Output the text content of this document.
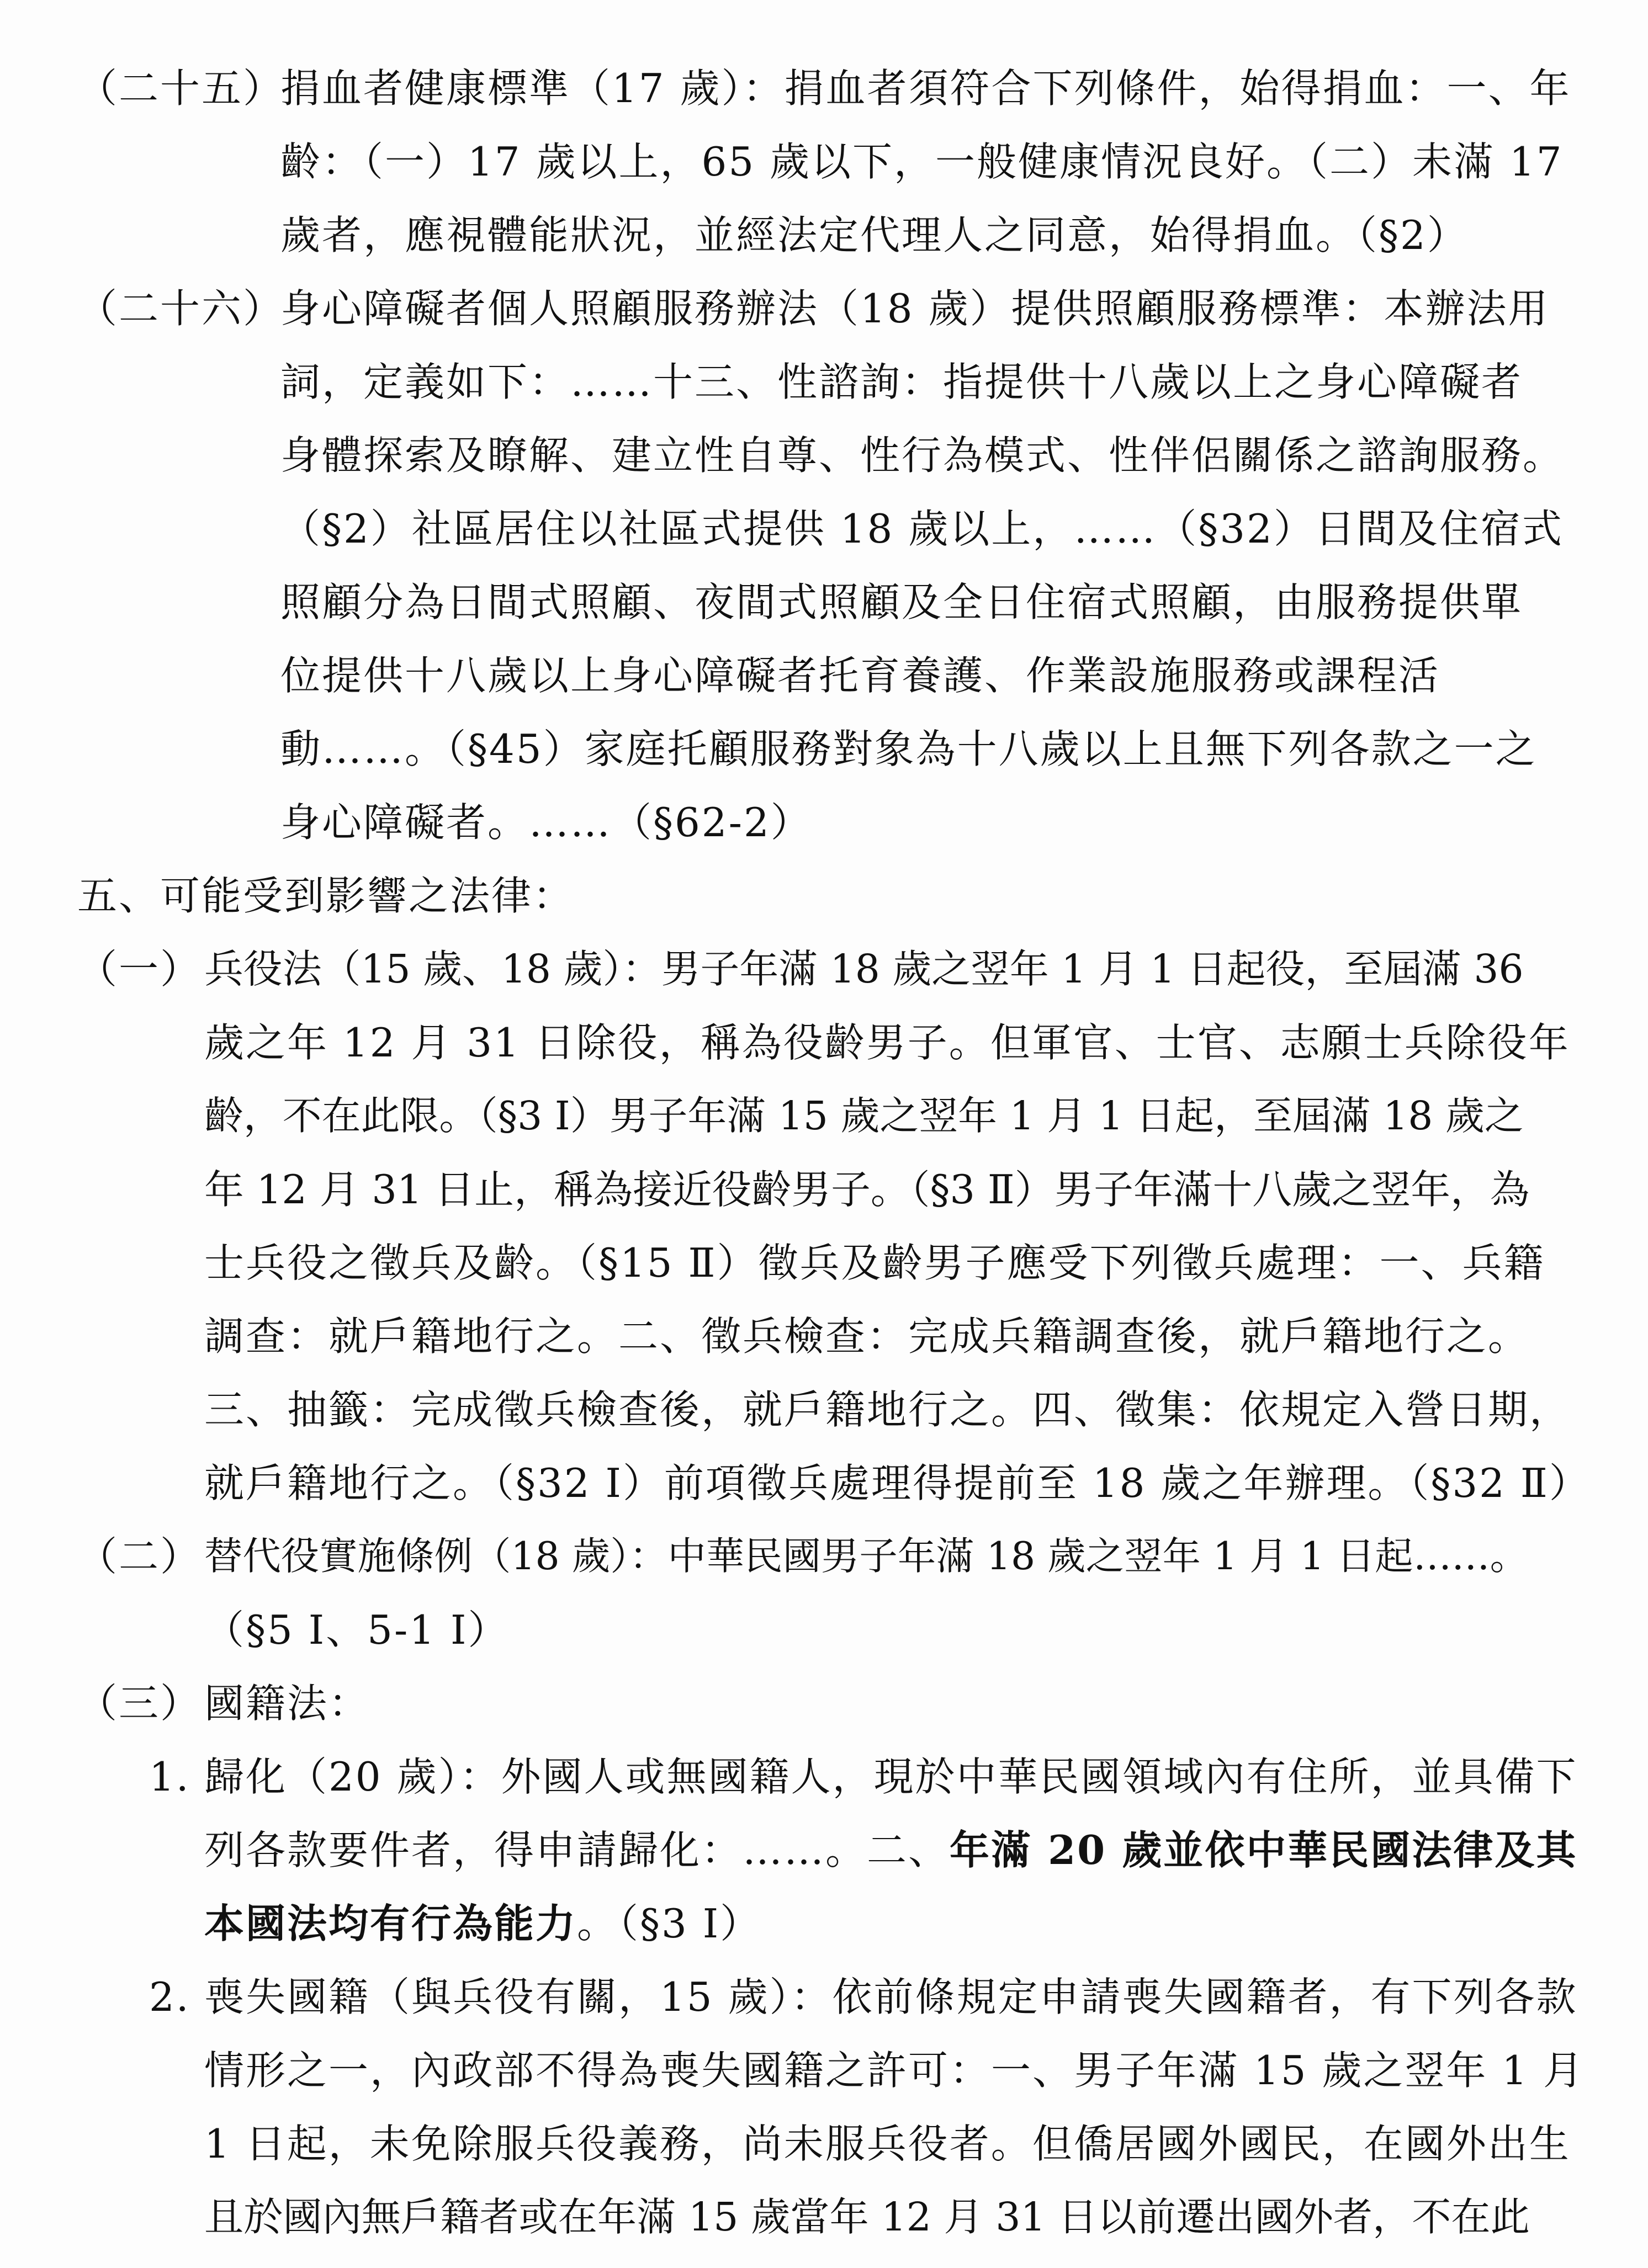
（二十五）
捐血者健康標準（17 歲）：捐血者須符合下列條件，始得捐血：一、年
齡：（一）17 歲以上，65 歲以下，一般健康情況良好。（二）未滿 17
歲者，應視體能狀況，並經法定代理人之同意，始得捐血。（§2）
（二十六）
身心障礙者個人照顧服務辦法（18 歲）提供照顧服務標準：本辦法用
詞，定義如下：……十三、性諮詢：指提供十八歲以上之身心障礙者
身體探索及瞭解、建立性自尊、性行為模式、性伴侶關係之諮詢服務。
（§2）社區居住以社區式提供 18 歲以上，……（§32）日間及住宿式
照顧分為日間式照顧、夜間式照顧及全日住宿式照顧，由服務提供單
位提供十八歲以上身心障礙者托育養護、作業設施服務或課程活
動……。（§45）家庭托顧服務對象為十八歲以上且無下列各款之一之
身心障礙者。……（§62-2）
五、可能受到影響之法律：
（一） 兵役法（15 歲、18 歲）：男子年滿 18 歲之翌年 1 月 1 日起役，至屆滿 36
歲之年 12 月 31 日除役，稱為役齡男子。但軍官、士官、志願士兵除役年
齡，不在此限。（§3 Ⅰ）男子年滿 15 歲之翌年 1 月 1 日起，至屆滿 18 歲之
年 12 月 31 日止，稱為接近役齡男子。（§3 Ⅱ）男子年滿十八歲之翌年，為
士兵役之徵兵及齡。（§15 Ⅱ）徵兵及齡男子應受下列徵兵處理：一、兵籍
調查：就戶籍地行之。二、徵兵檢查：完成兵籍調查後，就戶籍地行之。
三、抽籤：完成徵兵檢查後，就戶籍地行之。四、徵集：依規定入營日期，
就戶籍地行之。（§32 Ⅰ）前項徵兵處理得提前至 18 歲之年辦理。（§32 Ⅱ）
（二） 替代役實施條例（18 歲）：中華民國男子年滿 18 歲之翌年 1 月 1 日起……。
（§5 Ⅰ、5-1 Ⅰ）
（三） 國籍法：
1. 歸化（20 歲）：外國人或無國籍人，現於中華民國領域內有住所，並具備下
列各款要件者，得申請歸化：……。二、年滿 20 歲並依中華民國法律及其
本國法均有行為能力。（§3 Ⅰ）
2. 喪失國籍（與兵役有關，15 歲）：依前條規定申請喪失國籍者，有下列各款
情形之一，內政部不得為喪失國籍之許可：一、男子年滿 15 歲之翌年 1 月
1 日起，未免除服兵役義務，尚未服兵役者。但僑居國外國民，在國外出生
且於國內無戶籍者或在年滿 15 歲當年 12 月 31 日以前遷出國外者，不在此
